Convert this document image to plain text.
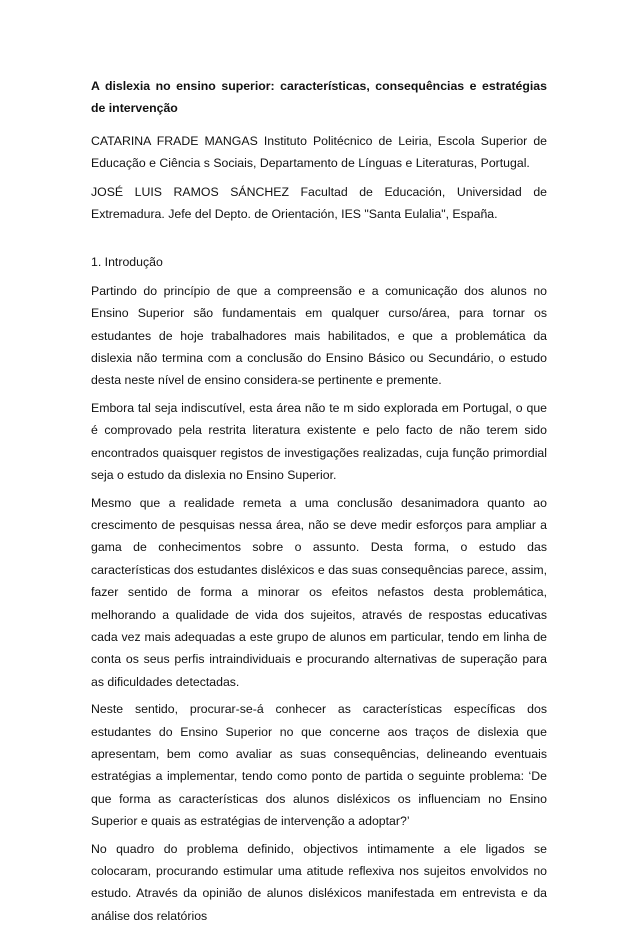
A dislexia no ensino superior: características, consequências e estratégias de intervenção

CATARINA FRADE MANGAS Instituto Politécnico de Leiria, Escola Superior de Educação e Ciência s Sociais, Departamento de Línguas e Literaturas, Portugal.

JOSÉ LUIS RAMOS SÁNCHEZ Facultad de Educación, Universidad de Extremadura. Jefe del Depto. de Orientación, IES "Santa Eulalia", España.

1. Introdução

Partindo do princípio de que a compreensão e a comunicação dos alunos no Ensino Superior são fundamentais em qualquer curso/área, para tornar os estudantes de hoje trabalhadores mais habilitados, e que a problemática da dislexia não termina com a conclusão do Ensino Básico ou Secundário, o estudo desta neste nível de ensino considera-se pertinente e premente.

Embora tal seja indiscutível, esta área não te m sido explorada em Portugal, o que é comprovado pela restrita literatura existente e pelo facto de não terem sido encontrados quaisquer registos de investigações realizadas, cuja função primordial seja o estudo da dislexia no Ensino Superior.

Mesmo que a realidade remeta a uma conclusão desanimadora quanto ao crescimento de pesquisas nessa área, não se deve medir esforços para ampliar a gama de conhecimentos sobre o assunto. Desta forma, o estudo das características dos estudantes disléxicos e das suas consequências parece, assim, fazer sentido de forma a minorar os efeitos nefastos desta problemática, melhorando a qualidade de vida dos sujeitos, através de respostas educativas cada vez mais adequadas a este grupo de alunos em particular, tendo em linha de conta os seus perfis intraindividuais e procurando alternativas de superação para as dificuldades detectadas.

Neste sentido, procurar-se-á conhecer as características específicas dos estudantes do Ensino Superior no que concerne aos traços de dislexia que apresentam, bem como avaliar as suas consequências, delineando eventuais estratégias a implementar, tendo como ponto de partida o seguinte problema: ‘De que forma as características dos alunos disléxicos os influenciam no Ensino Superior e quais as estratégias de intervenção a adoptar?’

No quadro do problema definido, objectivos intimamente a ele ligados se colocaram, procurando estimular uma atitude reflexiva nos sujeitos envolvidos no estudo. Através da opinião de alunos disléxicos manifestada em entrevista e da análise dos relatórios
